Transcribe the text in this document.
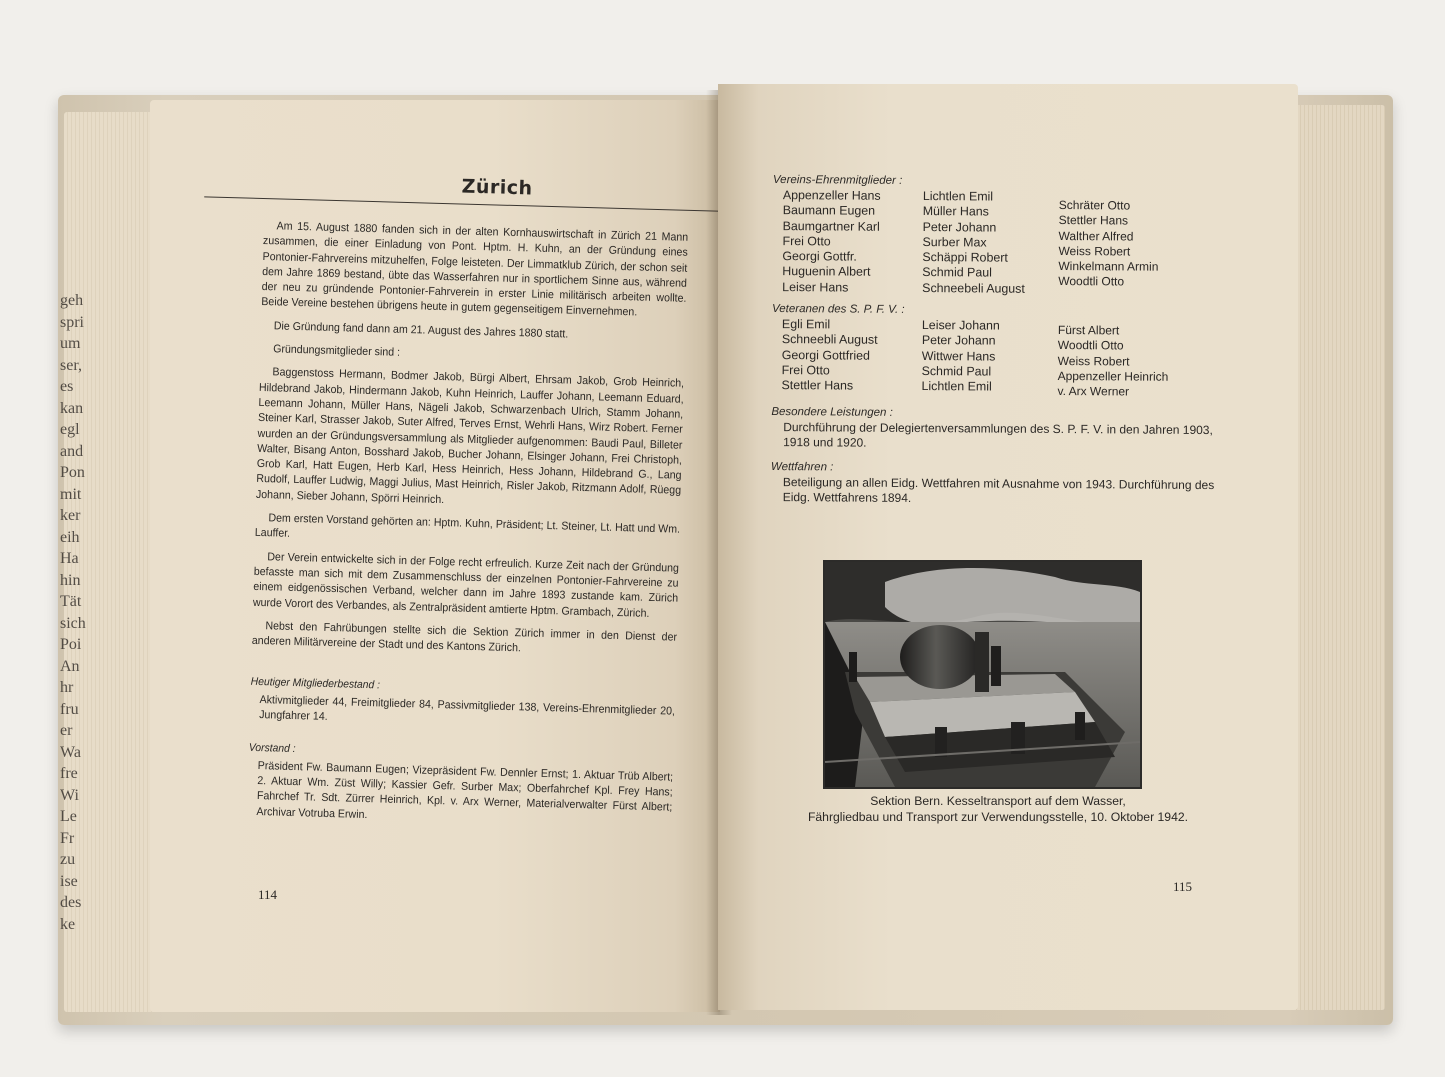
geh
spri
um
ser,
es
kan
egl
and
Pon
mit
ker
eih
Ha
hin
Tät
sich
Poi
An
hr
fru
er
Wa
fre
Wi
Le
Fr
zu
ise
des
ke
Zürich

Am 15. August 1880 fanden sich in der alten Kornhauswirtschaft in Zürich 21 Mann zusammen, die einer Einladung von Pont. Hptm. H. Kuhn, an der Gründung eines Pontonier-Fahrvereins mitzuhelfen, Folge leisteten. Der Limmatklub Zürich, der schon seit dem Jahre 1869 bestand, übte das Wasserfahren nur in sportlichem Sinne aus, während der neu zu gründende Pontonier-Fahrverein in erster Linie militärisch arbeiten wollte. Beide Vereine bestehen übrigens heute in gutem gegenseitigem Einvernehmen.

Die Gründung fand dann am 21. August des Jahres 1880 statt.

Gründungsmitglieder sind :

Baggenstoss Hermann, Bodmer Jakob, Bürgi Albert, Ehrsam Jakob, Grob Heinrich, Hildebrand Jakob, Hindermann Jakob, Kuhn Heinrich, Lauffer Johann, Leemann Eduard, Leemann Johann, Müller Hans, Nägeli Jakob, Schwarzenbach Ulrich, Stamm Johann, Steiner Karl, Strasser Jakob, Suter Alfred, Terves Ernst, Wehrli Hans, Wirz Robert. Ferner wurden an der Gründungsversammlung als Mitglieder aufgenommen: Baudi Paul, Billeter Walter, Bisang Anton, Bosshard Jakob, Bucher Johann, Elsinger Johann, Frei Christoph, Grob Karl, Hatt Eugen, Herb Karl, Hess Heinrich, Hess Johann, Hildebrand G., Lang Rudolf, Lauffer Ludwig, Maggi Julius, Mast Heinrich, Risler Jakob, Ritzmann Adolf, Rüegg Johann, Sieber Johann, Spörri Heinrich.

Dem ersten Vorstand gehörten an: Hptm. Kuhn, Präsident; Lt. Steiner, Lt. Hatt und Wm. Lauffer.

Der Verein entwickelte sich in der Folge recht erfreulich. Kurze Zeit nach der Gründung befasste man sich mit dem Zusammenschluss der einzelnen Pontonier-Fahrvereine zu einem eidgenössischen Verband, welcher dann im Jahre 1893 zustande kam. Zürich wurde Vorort des Verbandes, als Zentralpräsident amtierte Hptm. Grambach, Zürich.

Nebst den Fahrübungen stellte sich die Sektion Zürich immer in den Dienst der anderen Militärvereine der Stadt und des Kantons Zürich.

Heutiger Mitgliederbestand :
Aktivmitglieder 44, Freimitglieder 84, Passivmitglieder 138, Vereins-Ehrenmitglieder 20, Jungfahrer 14.
Vorstand :
Präsident Fw. Baumann Eugen; Vizepräsident Fw. Dennler Ernst; 1. Aktuar Trüb Albert; 2. Aktuar Wm. Züst Willy; Kassier Gefr. Surber Max; Oberfahrchef Kpl. Frey Hans; Fahrchef Tr. Sdt. Zürrer Heinrich, Kpl. v. Arx Werner, Materialverwalter Fürst Albert; Archivar Votruba Erwin.
114
Vereins-Ehrenmitglieder :
Appenzeller Hans
Baumann Eugen
Baumgartner Karl
Frei Otto
Georgi Gottfr.
Huguenin Albert
Leiser Hans
Lichtlen Emil
Müller Hans
Peter Johann
Surber Max
Schäppi Robert
Schmid Paul
Schneebeli August
Schräter Otto
Stettler Hans
Walther Alfred
Weiss Robert
Winkelmann Armin
Woodtli Otto
Veteranen des S. P. F. V. :
Egli Emil
Schneebli August
Georgi Gottfried
Frei Otto
Stettler Hans
Leiser Johann
Peter Johann
Wittwer Hans
Schmid Paul
Lichtlen Emil
Fürst Albert
Woodtli Otto
Weiss Robert
Appenzeller Heinrich
v. Arx Werner
Besondere Leistungen :
Durchführung der Delegiertenversammlungen des S. P. F. V. in den Jahren 1903, 1918 und 1920.
Wettfahren :
Beteiligung an allen Eidg. Wettfahren mit Ausnahme von 1943. Durchführung des Eidg. Wettfahrens 1894.
Sektion Bern. Kesseltransport auf dem Wasser,
Fährgliedbau und Transport zur Verwendungsstelle, 10. Oktober 1942.
115
